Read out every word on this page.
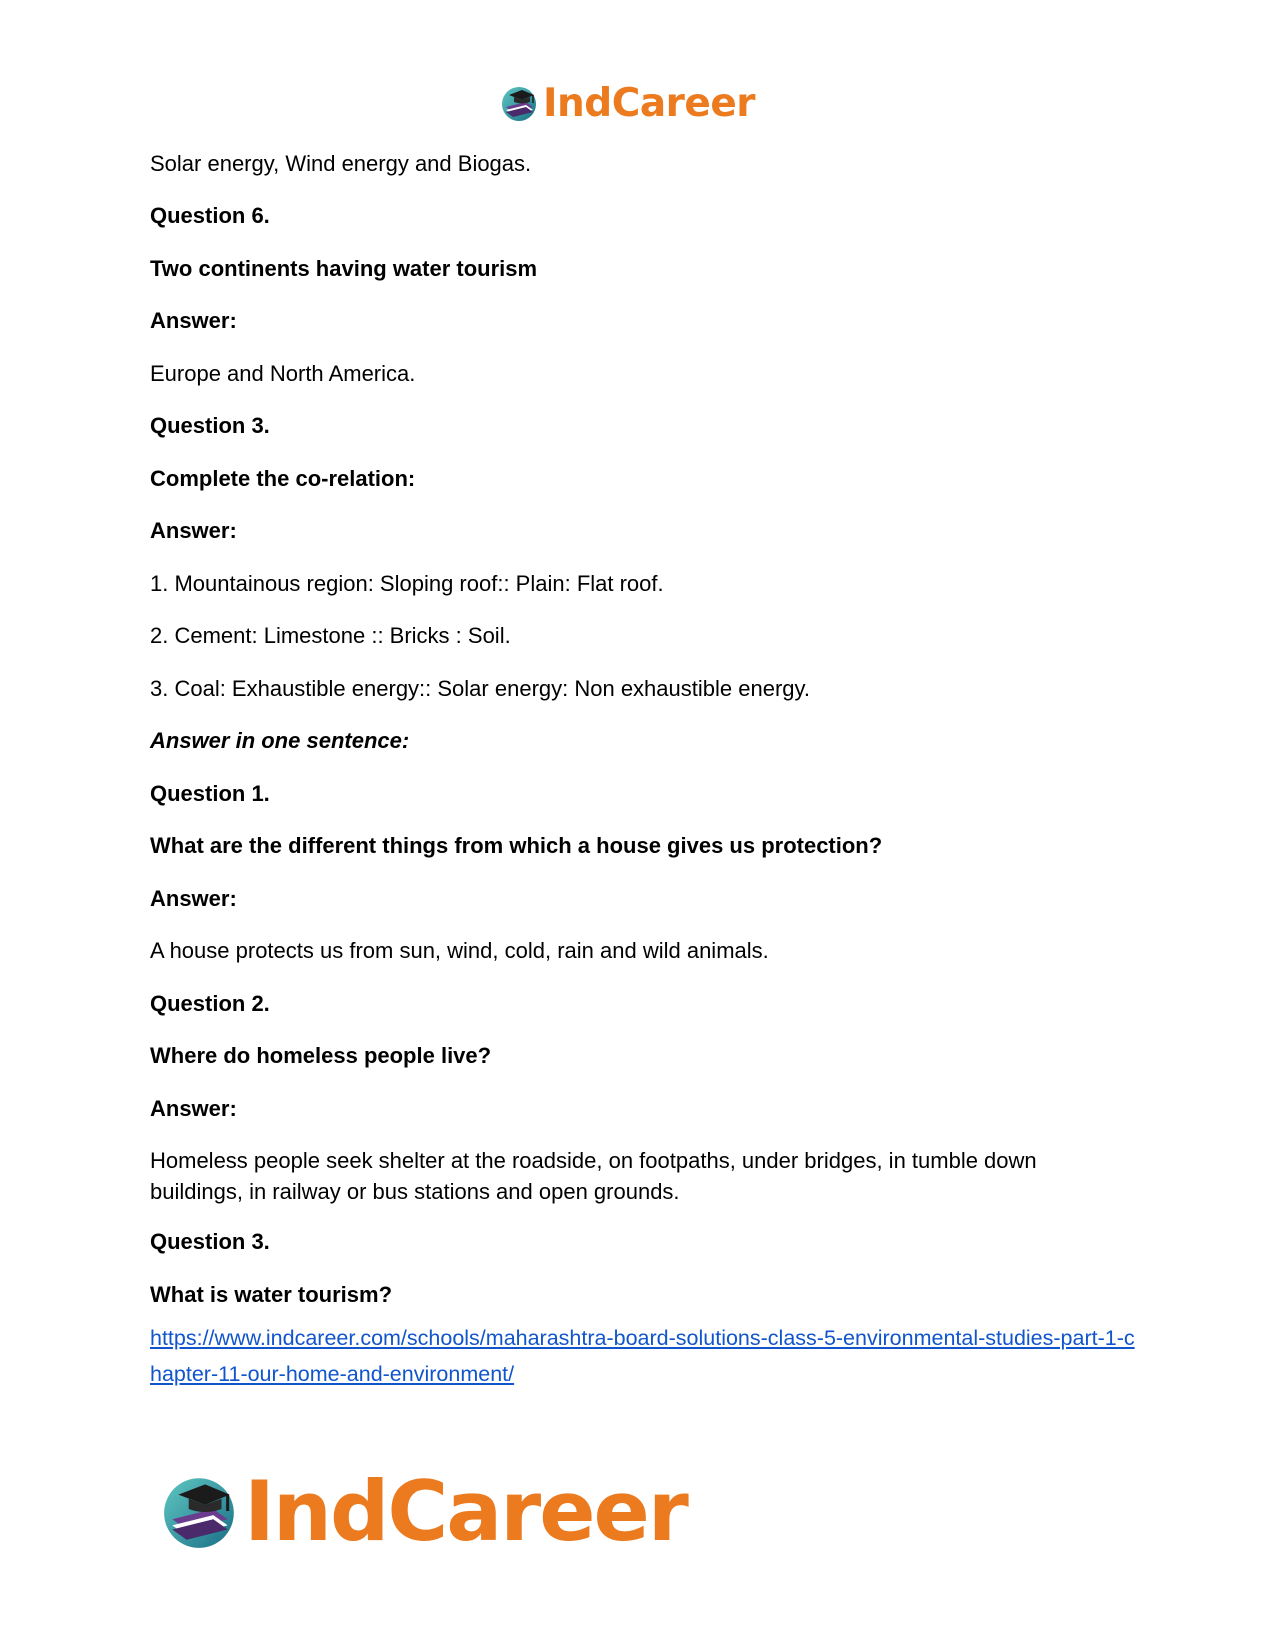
IndCareer
Solar energy, Wind energy and Biogas.
Question 6.
Two continents having water tourism
Answer:
Europe and North America.
Question 3.
Complete the co-relation:
Answer:
1. Mountainous region: Sloping roof:: Plain: Flat roof.
2. Cement: Limestone :: Bricks : Soil.
3. Coal: Exhaustible energy:: Solar energy: Non exhaustible energy.
Answer in one sentence:
Question 1.
What are the different things from which a house gives us protection?
Answer:
A house protects us from sun, wind, cold, rain and wild animals.
Question 2.
Where do homeless people live?
Answer:
Homeless people seek shelter at the roadside, on footpaths, under bridges, in tumble down buildings, in railway or bus stations and open grounds.
Question 3.
What is water tourism?
https://www.indcareer.com/schools/maharashtra-board-solutions-class-5-environmental-studies-part-1-chapter-11-our-home-and-environment/
IndCareer
